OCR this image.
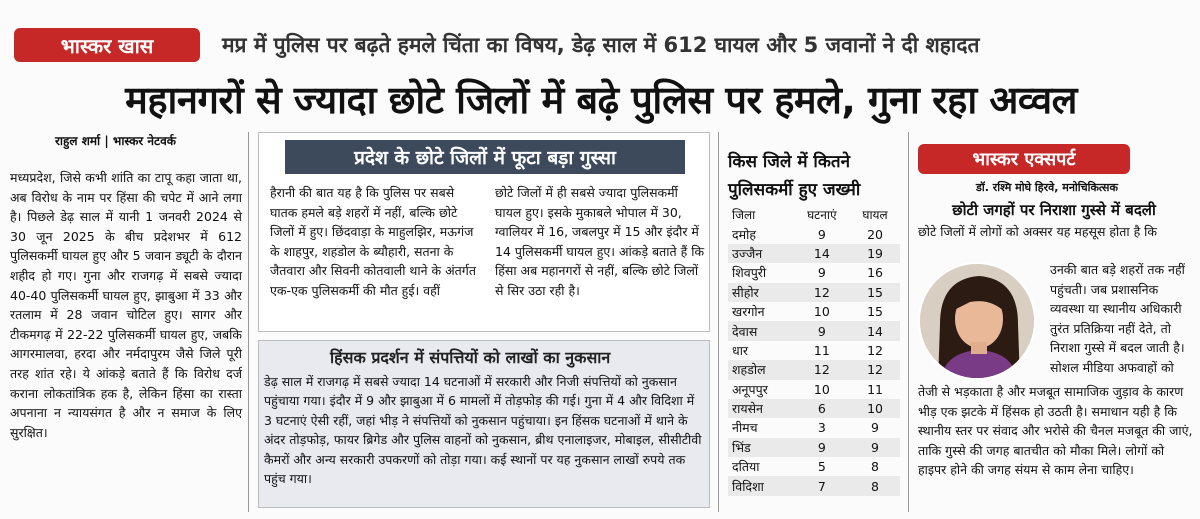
भास्कर खास	मप्र में पुलिस पर बढ़ते हमले चिंता का विषय, डेढ़ साल में 612 घायल और 5 जवानों ने दी शहादत
महानगरों से ज्यादा छोटे जिलों में बढ़े पुलिस पर हमले, गुना रहा अव्वल
राहुल शर्मा | भास्कर नेटवर्क
मध्यप्रदेश, जिसे कभी शांति का टापू कहा जाता था, अब विरोध के नाम पर हिंसा की चपेट में आने लगा है। पिछले डेढ़ साल में यानी 1 जनवरी 2024 से 30 जून 2025 के बीच प्रदेशभर में 612 पुलिसकर्मी घायल हुए और 5 जवान ड्यूटी के दौरान शहीद हो गए। गुना और राजगढ़ में सबसे ज्यादा 40-40 पुलिसकर्मी घायल हुए, झाबुआ में 33 और रतलाम में 28 जवान चोटिल हुए। सागर और टीकमगढ़ में 22-22 पुलिसकर्मी घायल हुए, जबकि आगरमालवा, हरदा और नर्मदापुरम जैसे जिले पूरी तरह शांत रहे। ये आंकड़े बताते हैं कि विरोध दर्ज कराना लोकतांत्रिक हक है, लेकिन हिंसा का रास्ता अपनाना न न्यायसंगत है और न समाज के लिए सुरक्षित।
प्रदेश के छोटे जिलों में फूटा बड़ा गुस्सा
हैरानी की बात यह है कि पुलिस पर सबसे घातक हमले बड़े शहरों में नहीं, बल्कि छोटे जिलों में हुए। छिंदवाड़ा के माहुलझिर, मऊगंज के शाहपुर, शहडोल के ब्यौहारी, सतना के जैतवारा और सिवनी कोतवाली थाने के अंतर्गत एक-एक पुलिसकर्मी की मौत हुई। वहीं
छोटे जिलों में ही सबसे ज्यादा पुलिसकर्मी घायल हुए। इसके मुकाबले भोपाल में 30, ग्वालियर में 16, जबलपुर में 15 और इंदौर में 14 पुलिसकर्मी घायल हुए। आंकड़े बताते हैं कि हिंसा अब महानगरों से नहीं, बल्कि छोटे जिलों से सिर उठा रही है।
हिंसक प्रदर्शन में संपत्तियों को लाखों का नुकसान
डेढ़ साल में राजगढ़ में सबसे ज्यादा 14 घटनाओं में सरकारी और निजी संपत्तियों को नुकसान पहुंचाया गया। इंदौर में 9 और झाबुआ में 6 मामलों में तोड़फोड़ की गई। गुना में 4 और विदिशा में 3 घटनाएं ऐसी रहीं, जहां भीड़ ने संपत्तियों को नुकसान पहुंचाया। इन हिंसक घटनाओं में थाने के अंदर तोड़फोड़, फायर ब्रिगेड और पुलिस वाहनों को नुकसान, ब्रीथ एनालाइजर, मोबाइल, सीसीटीवी कैमरों और अन्य सरकारी उपकरणों को तोड़ा गया। कई स्थानों पर यह नुकसान लाखों रुपये तक पहुंच गया।
किस जिले में कितने पुलिसकर्मी हुए जख्मी
जिला	घटनाएं	घायल
दमोह	9	20
उज्जैन	14	19
शिवपुरी	9	16
सीहोर	12	15
खरगोन	10	15
देवास	9	14
धार	11	12
शहडोल	12	12
अनूपपुर	10	11
रायसेन	6	10
नीमच	3	9
भिंड	9	9
दतिया	5	8
विदिशा	7	8
भास्कर एक्सपर्ट
डॉ. रश्मि मोघे हिरवे, मनोचिकित्सक
छोटी जगहों पर निराशा गुस्से में बदली
छोटे जिलों में लोगों को अक्सर यह महसूस होता है कि
उनकी बात बड़े शहरों तक नहीं पहुंचती। जब प्रशासनिक व्यवस्था या स्थानीय अधिकारी तुरंत प्रतिक्रिया नहीं देते, तो निराशा गुस्से में बदल जाती है। सोशल मीडिया अफवाहों को
तेजी से भड़काता है और मजबूत सामाजिक जुड़ाव के कारण भीड़ एक झटके में हिंसक हो उठती है। समाधान यही है कि स्थानीय स्तर पर संवाद और भरोसे की चैनल मजबूत की जाएं, ताकि गुस्से की जगह बातचीत को मौका मिले। लोगों को हाइपर होने की जगह संयम से काम लेना चाहिए।
